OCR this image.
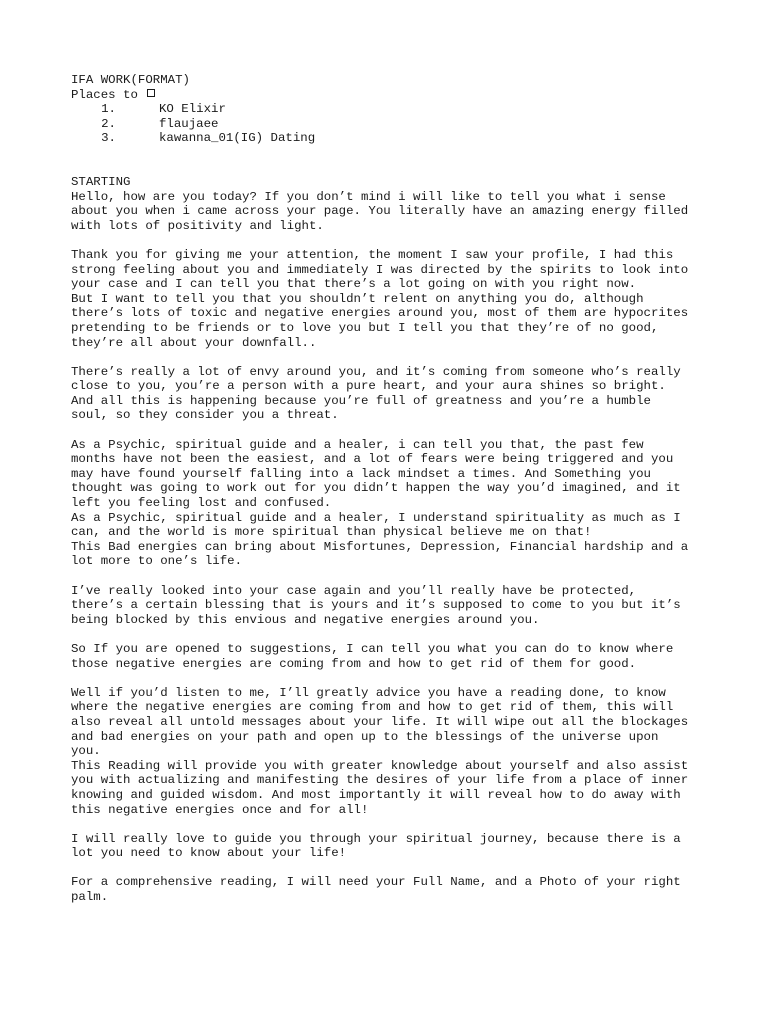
IFA WORK(FORMAT)

Places to

1.	KO Elixir
2.	flaujaee
3.	kawanna_01(IG) Dating

STARTING

Hello, how are you today? If you don’t mind i will like to tell you what i sense

about you when i came across your page. You literally have an amazing energy filled

with lots of positivity and light.

Thank you for giving me your attention, the moment I saw your profile, I had this

strong feeling about you and immediately I was directed by the spirits to look into

your case and I can tell you that there’s a lot going on with you right now.

But I want to tell you that you shouldn’t relent on anything you do, although

there’s lots of toxic and negative energies around you, most of them are hypocrites

pretending to be friends or to love you but I tell you that they’re of no good,

they’re all about your downfall..

There’s really a lot of envy around you, and it’s coming from someone who’s really

close to you, you’re a person with a pure heart, and your aura shines so bright.

And all this is happening because you’re full of greatness and you’re a humble

soul, so they consider you a threat.

As a Psychic, spiritual guide and a healer, i can tell you that, the past few

months have not been the easiest, and a lot of fears were being triggered and you

may have found yourself falling into a lack mindset a times. And Something you

thought was going to work out for you didn’t happen the way you’d imagined, and it

left you feeling lost and confused.

As a Psychic, spiritual guide and a healer, I understand spirituality as much as I

can, and the world is more spiritual than physical believe me on that!

This Bad energies can bring about Misfortunes, Depression, Financial hardship and a

lot more to one’s life.

I’ve really looked into your case again and you’ll really have be protected,

there’s a certain blessing that is yours and it’s supposed to come to you but it’s

being blocked by this envious and negative energies around you.

So If you are opened to suggestions, I can tell you what you can do to know where

those negative energies are coming from and how to get rid of them for good.

Well if you’d listen to me, I’ll greatly advice you have a reading done, to know

where the negative energies are coming from and how to get rid of them, this will

also reveal all untold messages about your life. It will wipe out all the blockages

and bad energies on your path and open up to the blessings of the universe upon

you.

This Reading will provide you with greater knowledge about yourself and also assist

you with actualizing and manifesting the desires of your life from a place of inner

knowing and guided wisdom. And most importantly it will reveal how to do away with

this negative energies once and for all!

I will really love to guide you through your spiritual journey, because there is a

lot you need to know about your life!

For a comprehensive reading, I will need your Full Name, and a Photo of your right

palm.
